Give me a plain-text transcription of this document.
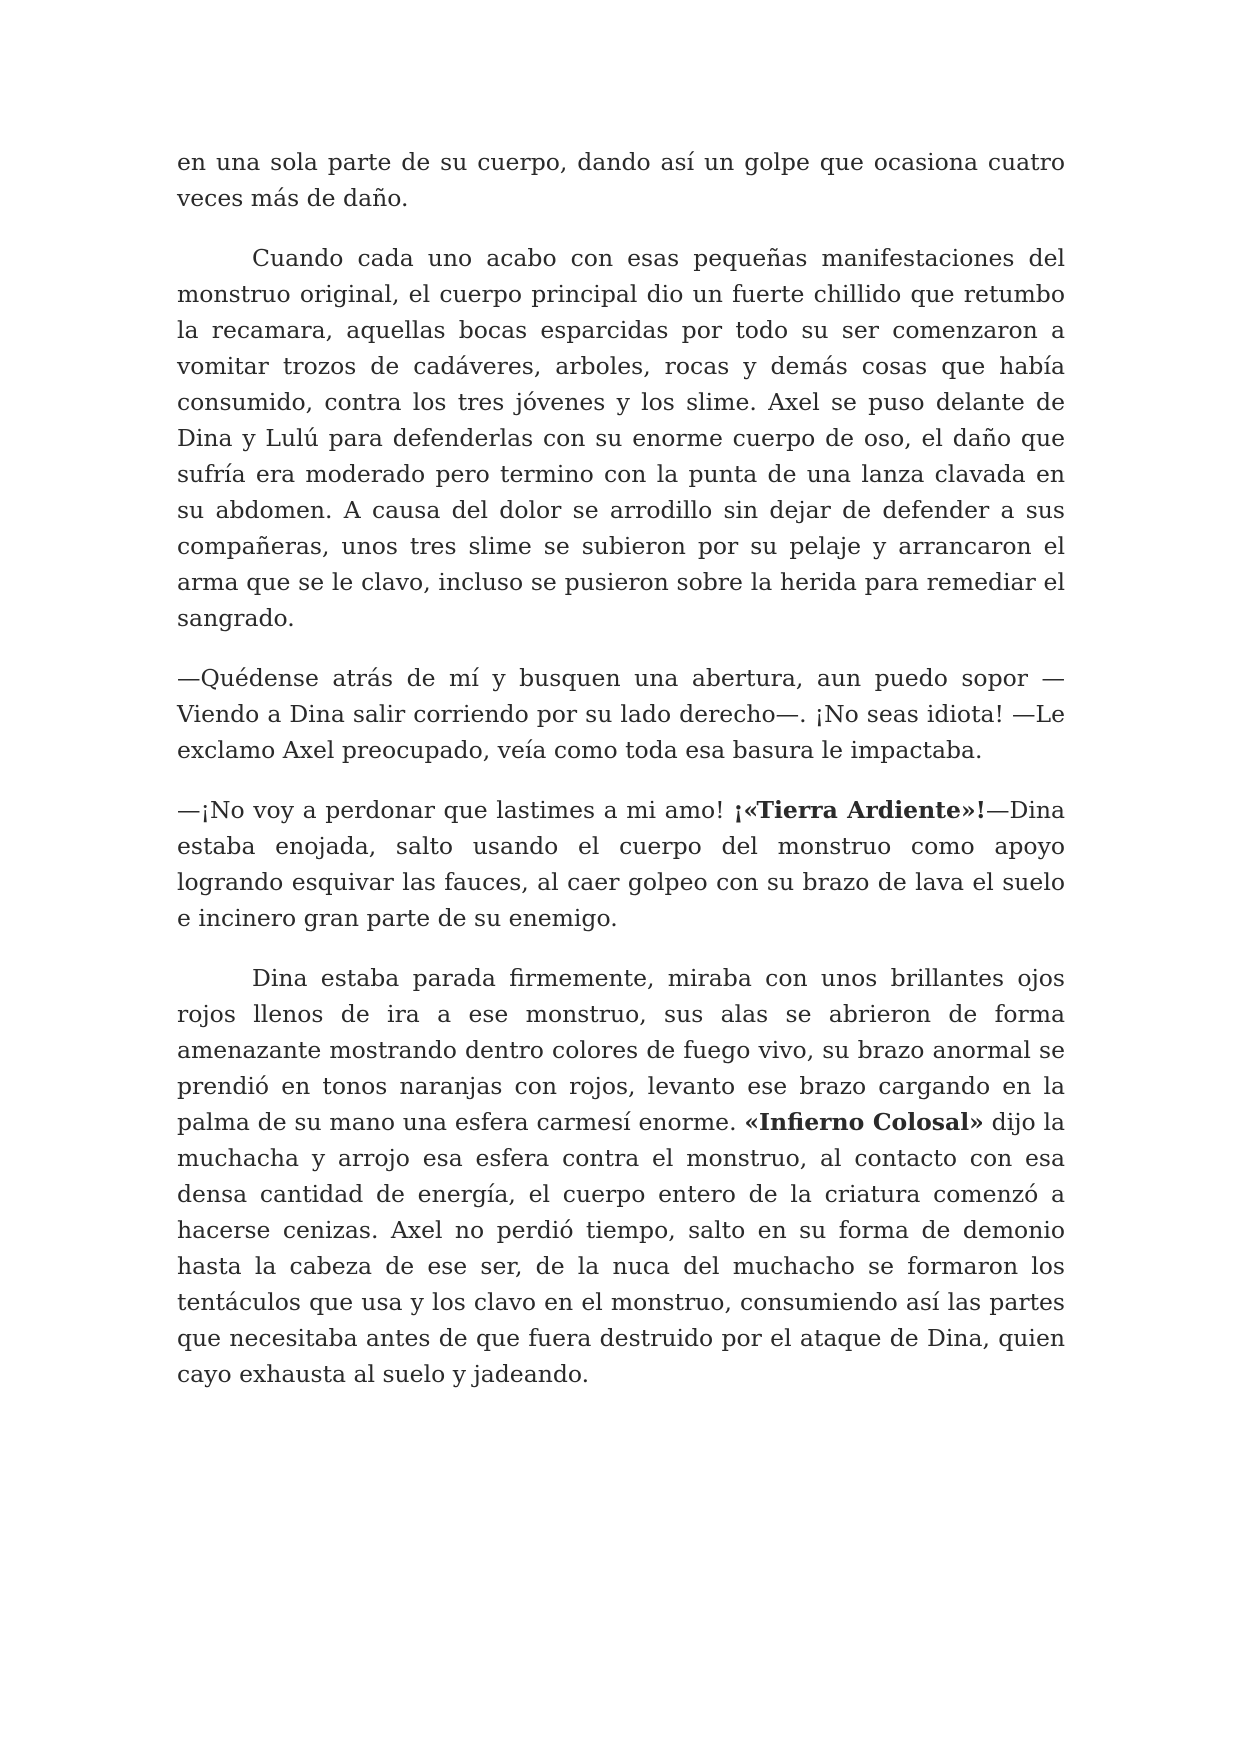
en una sola parte de su cuerpo, dando así un golpe que ocasiona cuatro veces más de daño.

Cuando cada uno acabo con esas pequeñas manifestaciones del monstruo original, el cuerpo principal dio un fuerte chillido que retumbo la recamara, aquellas bocas esparcidas por todo su ser comenzaron a vomitar trozos de cadáveres, arboles, rocas y demás cosas que había consumido, contra los tres jóvenes y los slime. Axel se puso delante de Dina y Lulú para defenderlas con su enorme cuerpo de oso, el daño que sufría era moderado pero termino con la punta de una lanza clavada en su abdomen. A causa del dolor se arrodillo sin dejar de defender a sus compañeras, unos tres slime se subieron por su pelaje y arrancaron el arma que se le clavo, incluso se pusieron sobre la herida para remediar el sangrado.

—Quédense atrás de mí y busquen una abertura, aun puedo sopor —Viendo a Dina salir corriendo por su lado derecho—. ¡No seas idiota! —Le exclamo Axel preocupado, veía como toda esa basura le impactaba.

—¡No voy a perdonar que lastimes a mi amo! ¡«Tierra Ardiente»!—Dina estaba enojada, salto usando el cuerpo del monstruo como apoyo logrando esquivar las fauces, al caer golpeo con su brazo de lava el suelo e incinero gran parte de su enemigo.

Dina estaba parada firmemente, miraba con unos brillantes ojos rojos llenos de ira a ese monstruo, sus alas se abrieron de forma amenazante mostrando dentro colores de fuego vivo, su brazo anormal se prendió en tonos naranjas con rojos, levanto ese brazo cargando en la palma de su mano una esfera carmesí enorme. «Infierno Colosal» dijo la muchacha y arrojo esa esfera contra el monstruo, al contacto con esa densa cantidad de energía, el cuerpo entero de la criatura comenzó a hacerse cenizas. Axel no perdió tiempo, salto en su forma de demonio hasta la cabeza de ese ser, de la nuca del muchacho se formaron los tentáculos que usa y los clavo en el monstruo, consumiendo así las partes que necesitaba antes de que fuera destruido por el ataque de Dina, quien cayo exhausta al suelo y jadeando.
